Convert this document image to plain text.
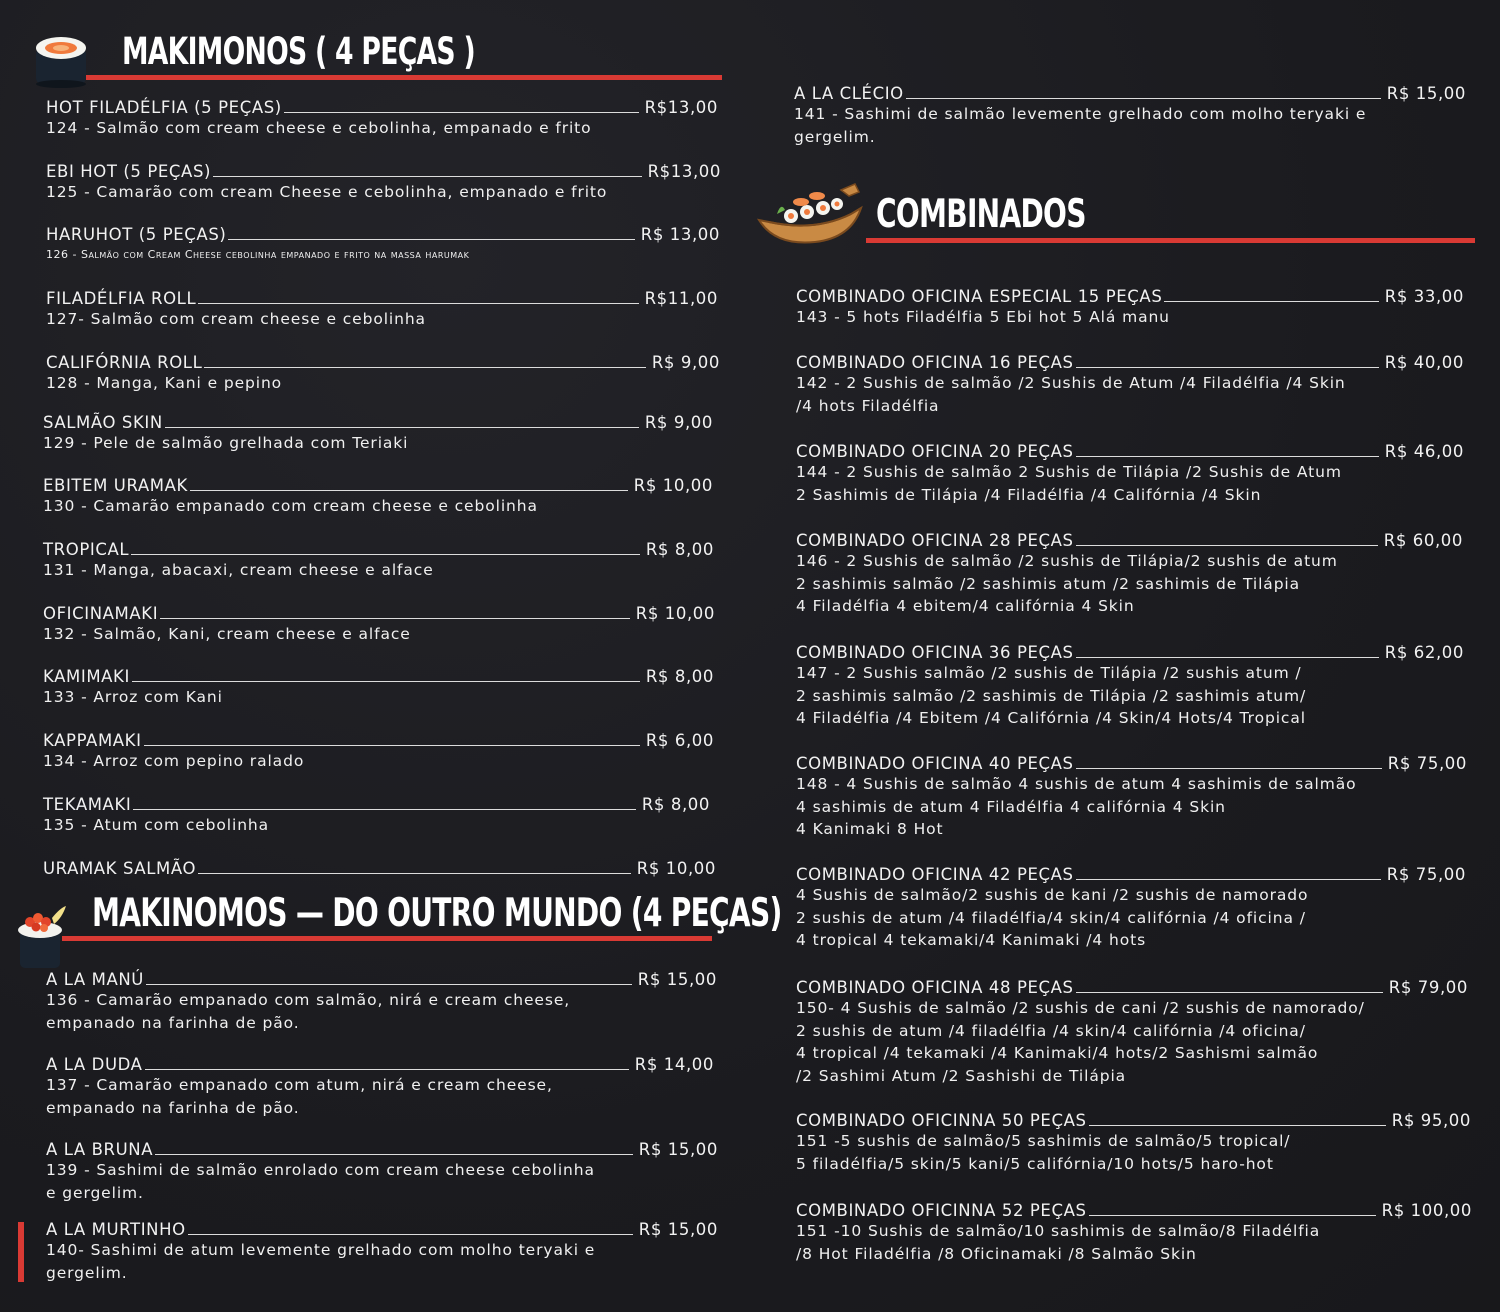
MAKIMONOS ( 4 PEÇAS )
HOT FILADÉLFIA (5 PEÇAS)	R$13,00
124 - Salmão com cream cheese e cebolinha, empanado e frito
EBI HOT (5 PEÇAS)	R$13,00
125 - Camarão com cream Cheese e cebolinha, empanado e frito
HARUHOT (5 PEÇAS)	R$ 13,00
126 - Salmão com Cream Cheese cebolinha empanado e frito na massa harumak
FILADÉLFIA ROLL	R$11,00
127- Salmão com cream cheese e cebolinha
CALIFÓRNIA ROLL	R$ 9,00
128 - Manga, Kani e pepino
SALMÃO SKIN	R$ 9,00
129 - Pele de salmão grelhada com Teriaki
EBITEM URAMAK	R$ 10,00
130 - Camarão empanado com cream cheese e cebolinha
TROPICAL	R$ 8,00
131 - Manga, abacaxi, cream cheese e alface
OFICINAMAKI	R$ 10,00
132 - Salmão, Kani, cream cheese e alface
KAMIMAKI	R$ 8,00
133 - Arroz com Kani
KAPPAMAKI	R$ 6,00
134 - Arroz com pepino ralado
TEKAMAKI	R$ 8,00
135 - Atum com cebolinha
URAMAK SALMÃO	R$ 10,00
MAKINOMOS — DO OUTRO MUNDO (4 PEÇAS)
A LA MANÚ	R$ 15,00
136 - Camarão empanado com salmão, nirá e cream cheese,
empanado na farinha de pão.
A LA DUDA	R$ 14,00
137 - Camarão empanado com atum, nirá e cream cheese,
empanado na farinha de pão.
A LA BRUNA	R$ 15,00
139 - Sashimi de salmão enrolado com cream cheese cebolinha
e gergelim.
A LA MURTINHO	R$ 15,00
140- Sashimi de atum levemente grelhado com molho teryaki e
gergelim.
A LA CLÉCIO	R$ 15,00
141 - Sashimi de salmão levemente grelhado com molho teryaki e
gergelim.
COMBINADOS
COMBINADO OFICINA ESPECIAL 15 PEÇAS	R$ 33,00
143 - 5 hots Filadélfia 5 Ebi hot 5 Alá manu
COMBINADO OFICINA 16 PEÇAS	R$ 40,00
142 - 2 Sushis de salmão /2 Sushis de Atum /4 Filadélfia /4 Skin
/4 hots Filadélfia
COMBINADO OFICINA 20 PEÇAS	R$ 46,00
144 - 2 Sushis de salmão 2 Sushis de Tilápia /2 Sushis de Atum
2 Sashimis de Tilápia /4 Filadélfia /4 Califórnia /4 Skin
COMBINADO OFICINA 28 PEÇAS	R$ 60,00
146 - 2 Sushis de salmão /2 sushis de Tilápia/2 sushis de atum
2 sashimis salmão /2 sashimis atum /2 sashimis de Tilápia
4 Filadélfia 4 ebitem/4 califórnia 4 Skin
COMBINADO OFICINA 36 PEÇAS	R$ 62,00
147 - 2 Sushis salmão /2 sushis de Tilápia /2 sushis atum /
2 sashimis salmão /2 sashimis de Tilápia /2 sashimis atum/
4 Filadélfia /4 Ebitem /4 Califórnia /4 Skin/4 Hots/4 Tropical
COMBINADO OFICINA 40 PEÇAS	R$ 75,00
148 - 4 Sushis de salmão 4 sushis de atum 4 sashimis de salmão
4 sashimis de atum 4 Filadélfia 4 califórnia 4 Skin
4 Kanimaki 8 Hot
COMBINADO OFICINA 42 PEÇAS	R$ 75,00
4 Sushis de salmão/2 sushis de kani /2 sushis de namorado
2 sushis de atum /4 filadélfia/4 skin/4 califórnia /4 oficina /
4 tropical 4 tekamaki/4 Kanimaki /4 hots
COMBINADO OFICINA 48 PEÇAS	R$ 79,00
150- 4 Sushis de salmão /2 sushis de cani /2 sushis de namorado/
2 sushis de atum /4 filadélfia /4 skin/4 califórnia /4 oficina/
4 tropical /4 tekamaki /4 Kanimaki/4 hots/2 Sashismi salmão
/2 Sashimi Atum /2 Sashishi de Tilápia
COMBINADO OFICINNA 50 PEÇAS	R$ 95,00
151 -5 sushis de salmão/5 sashimis de salmão/5 tropical/
5 filadélfia/5 skin/5 kani/5 califórnia/10 hots/5 haro-hot
COMBINADO OFICINNA 52 PEÇAS	R$ 100,00
151 -10 Sushis de salmão/10 sashimis de salmão/8 Filadélfia
/8 Hot Filadélfia /8 Oficinamaki /8 Salmão Skin
